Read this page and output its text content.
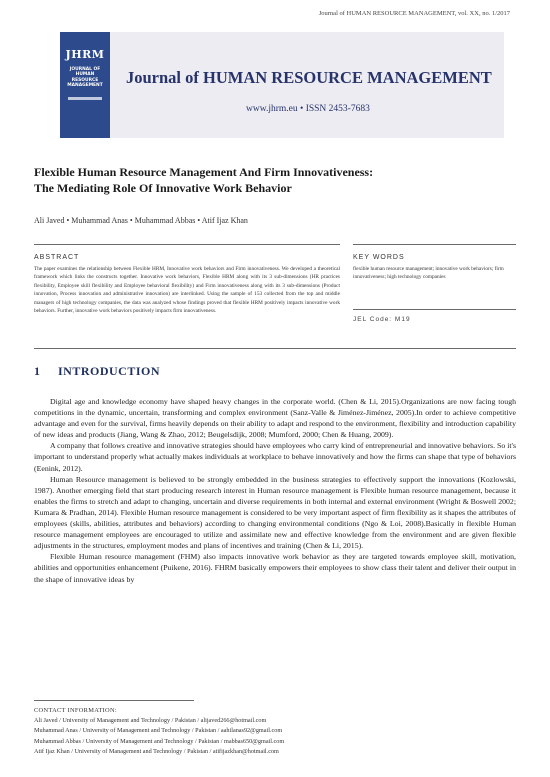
Journal of HUMAN RESOURCE MANAGEMENT, vol. XX, no. 1/2017
JHRM
JOURNAL OF
HUMAN
RESOURCE
MANAGEMENT	Journal of HUMAN RESOURCE MANAGEMENT
www.jhrm.eu • ISSN 2453-7683
Flexible Human Resource Management And Firm Innovativeness:
The Mediating Role Of Innovative Work Behavior
Ali Javed • Muhammad Anas • Muhammad Abbas • Atif Ijaz Khan
ABSTRACT
The paper examines the relationship between Flexible HRM, Innovative work behaviors and Firm innovativeness. We developed a theoretical framework which links the constructs together. Innovative work behaviors, Flexible HRM along with its 3 sub-dimensions (HR practices flexibility, Employee skill flexibility and Employee behavioral flexibility) and Firm innovativeness along with its 3 sub-dimensions (Product innovation, Process innovation and administrative innovation) are interlinked. Using the sample of 153 collected from the top and middle managers of high technology companies, the data was analyzed whose findings proved that flexible HRM positively impacts innovative work behaviors. Further, innovative work behaviors positively impacts firm innovativeness.
KEY WORDS
flexible human resource management; innovative work behaviors; firm innovativeness; high technology companies
JEL Code: M19
1 INTRODUCTION

Digital age and knowledge economy have shaped heavy changes in the corporate world. (Chen & Li, 2015).Organizations are now facing tough competitions in the dynamic, uncertain, transforming and complex environment (Sanz-Valle & Jiménez-Jiménez, 2005).In order to achieve competitive advantage and even for the survival, firms heavily depends on their ability to adapt and respond to the environment, flexibility and introduction capability of new ideas and products (Jiang, Wang & Zhao, 2012; Beugelsdijk, 2008; Mumford, 2000; Chen & Huang, 2009).

A company that follows creative and innovative strategies should have employees who carry kind of entrepreneurial and innovative behaviors. So it's important to understand properly what actually makes individuals at workplace to behave innovatively and how the firms can shape that type of behaviors (Eenink, 2012).

Human Resource management is believed to be strongly embedded in the business strategies to effectively support the innovations (Kozlowski, 1987). Another emerging field that start producing research interest in Human resource management is Flexible human resource management, because it enables the firms to stretch and adapt to changing, uncertain and diverse requirements in both internal and external environment (Wright & Boswell 2002; Kumara & Pradhan, 2014). Flexible Human resource management is considered to be very important aspect of firm flexibility as it shapes the attributes of employees (skills, abilities, attributes and behaviors) according to changing environmental conditions (Ngo & Loi, 2008).Basically in flexible Human resource management employees are encouraged to utilize and assimilate new and effective knowledge from the environment and are given flexible adjustments in the structures, employment modes and plans of incentives and training (Chen & Li, 2015).

Flexible Human resource management (FHM) also impacts innovative work behavior as they are targeted towards employee skill, motivation, abilities and opportunities enhancement (Puikene, 2016). FHRM basically empowers their employees to show class their talent and deliver their output in the shape of innovative ideas by

CONTACT INFORMATION:
Ali Javed / University of Management and Technology / Pakistan / alijaved266@hotmail.com
Muhammad Anas / University of Management and Technology / Pakistan / aahilanas92@gmail.com
Muhammad Abbas / University of Management and Technology / Pakistan / mabbas650@gmail.com
Atif Ijaz Khan / University of Management and Technology / Pakistan / atifijazkhan@hotmail.com
